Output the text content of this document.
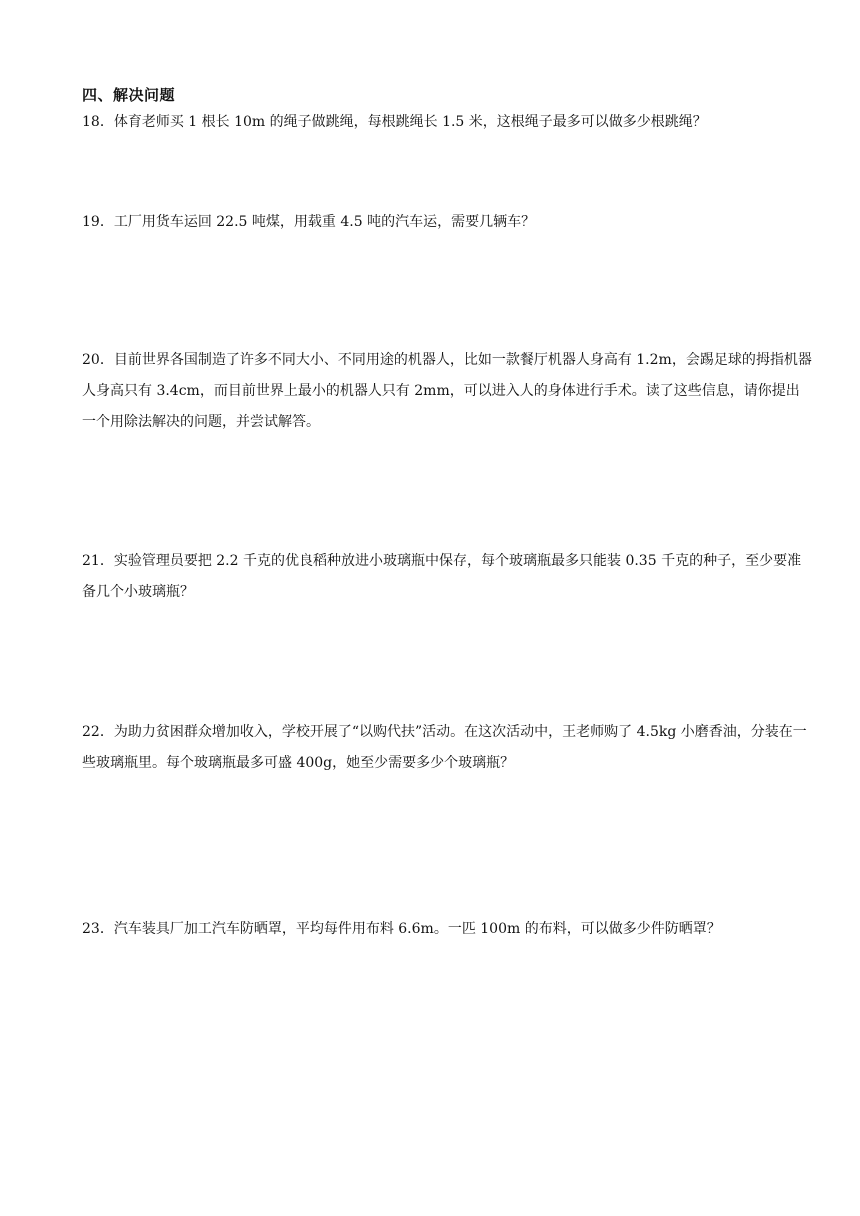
四、解决问题

18．体育老师买 1 根长 10m 的绳子做跳绳，每根跳绳长 1.5 米，这根绳子最多可以做多少根跳绳？

19．工厂用货车运回 22.5 吨煤，用载重 4.5 吨的汽车运，需要几辆车？

20．目前世界各国制造了许多不同大小、不同用途的机器人，比如一款餐厅机器人身高有 1.2m，会踢足球的拇指机器人身高只有 3.4cm，而目前世界上最小的机器人只有 2mm，可以进入人的身体进行手术。读了这些信息，请你提出一个用除法解决的问题，并尝试解答。

21．实验管理员要把 2.2 千克的优良稻种放进小玻璃瓶中保存，每个玻璃瓶最多只能装 0.35 千克的种子，至少要准备几个小玻璃瓶？

22．为助力贫困群众增加收入，学校开展了“以购代扶”活动。在这次活动中，王老师购了 4.5kg 小磨香油，分装在一些玻璃瓶里。每个玻璃瓶最多可盛 400g，她至少需要多少个玻璃瓶？

23．汽车装具厂加工汽车防晒罩，平均每件用布料 6.6m。一匹 100m 的布料，可以做多少件防晒罩？
